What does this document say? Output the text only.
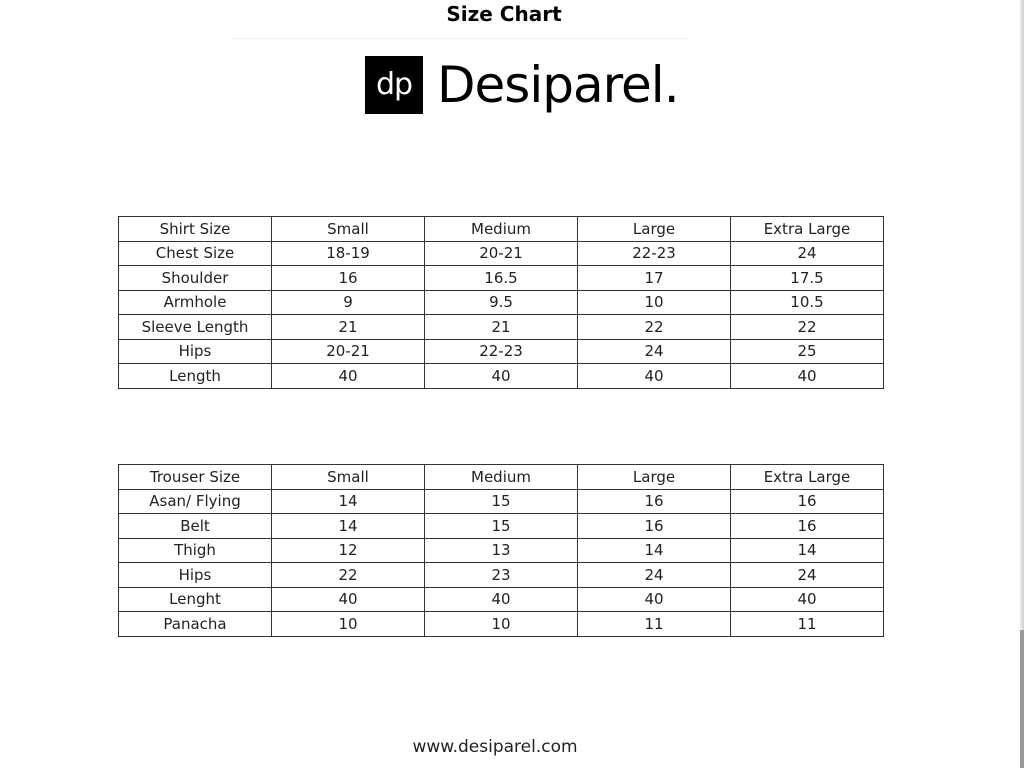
Size Chart
dp Desiparel.
Shirt Size	Small	Medium	Large	Extra Large
Chest Size	18-19	20-21	22-23	24
Shoulder	16	16.5	17	17.5
Armhole	9	9.5	10	10.5
Sleeve Length	21	21	22	22
Hips	20-21	22-23	24	25
Length	40	40	40	40
Trouser Size	Small	Medium	Large	Extra Large
Asan/ Flying	14	15	16	16
Belt	14	15	16	16
Thigh	12	13	14	14
Hips	22	23	24	24
Lenght	40	40	40	40
Panacha	10	10	11	11
www.desiparel.com
